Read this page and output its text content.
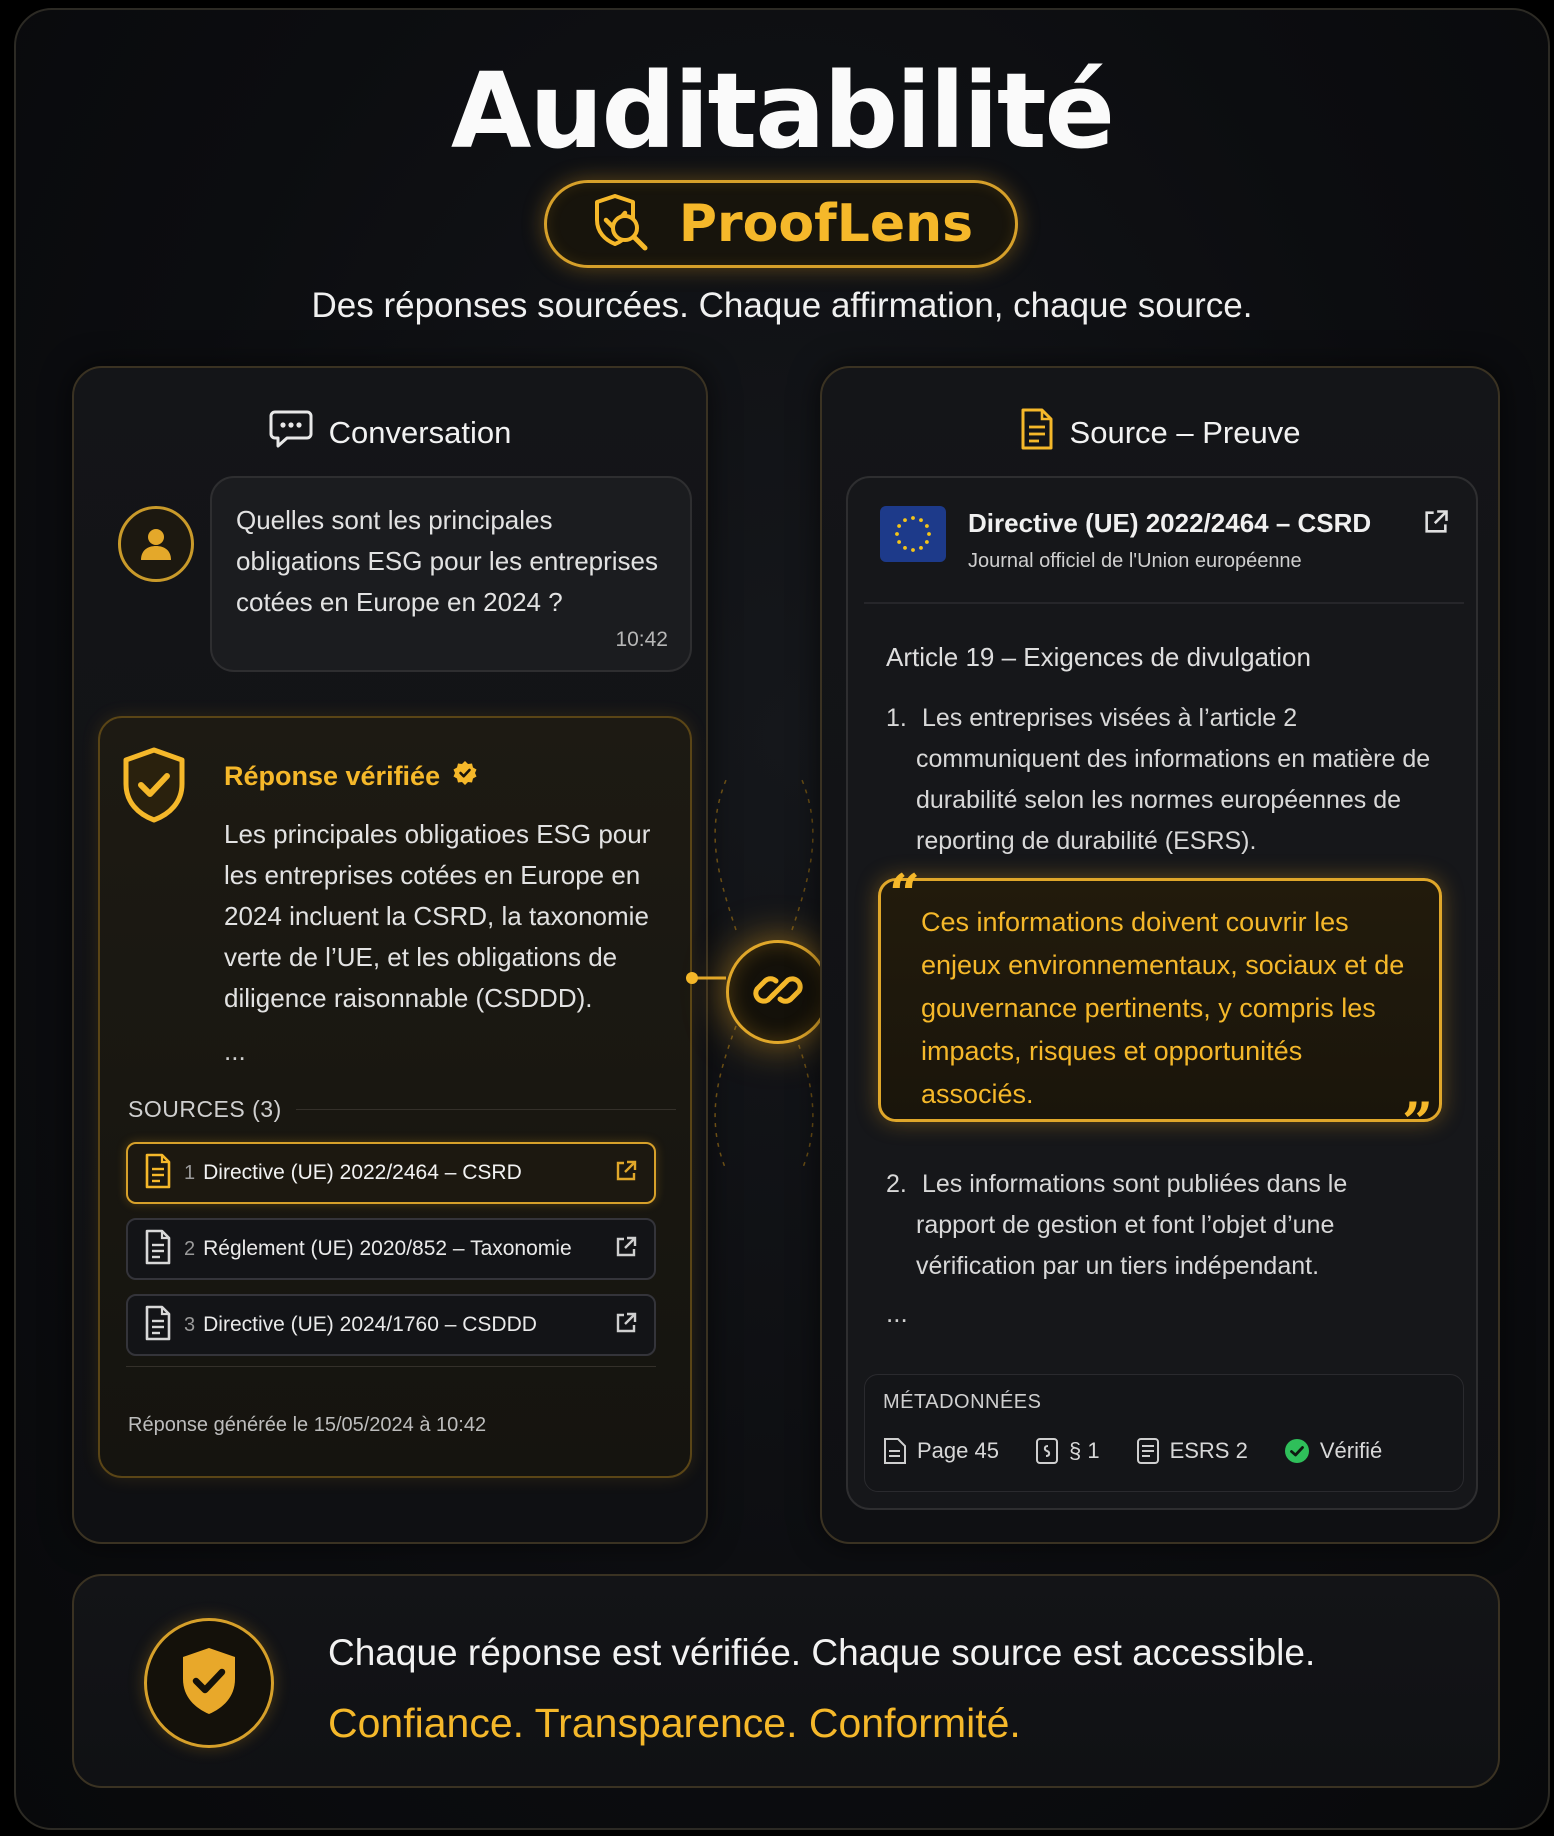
Auditabilité
ProofLens
Des réponses sourcées. Chaque affirmation, chaque source.
Conversation
Quelles sont les principales obligations ESG pour les entreprises cotées en Europe en 2024 ?
10:42
Réponse vérifiée
Les principales obligatioes ESG pour les entreprises cotées en Europe en 2024 incluent la CSRD, la taxonomie verte de l’UE, et les obligations de diligence raisonnable (CSDDD).
...
SOURCES (3)
1 Directive (UE) 2022/2464 – CSRD
2 Réglement (UE) 2020/852 – Taxonomie
3 Directive (UE) 2024/1760 – CSDDD
Réponse générée le 15/05/2024 à 10:42
Source – Preuve
Directive (UE) 2022/2464 – CSRD
Journal officiel de l'Union européenne
Article 19 – Exigences de divulgation
1. Les entreprises visées à l’article 2
communiquent des informations en matière de durabilité selon les normes européennes de reporting de durabilité (ESRS).
“ Ces informations doivent couvrir les enjeux environnementaux, sociaux et de gouvernance pertinents, y compris les impacts, risques et opportunités associés.	”
2. Les informations sont publiées dans le
rapport de gestion et font l’objet d’une vérification par un tiers indépendant.
...
MÉTADONNÉES
Page 45	§ 1	ESRS 2	Vérifié
Chaque réponse est vérifiée. Chaque source est accessible.
Confiance. Transparence. Conformité.
